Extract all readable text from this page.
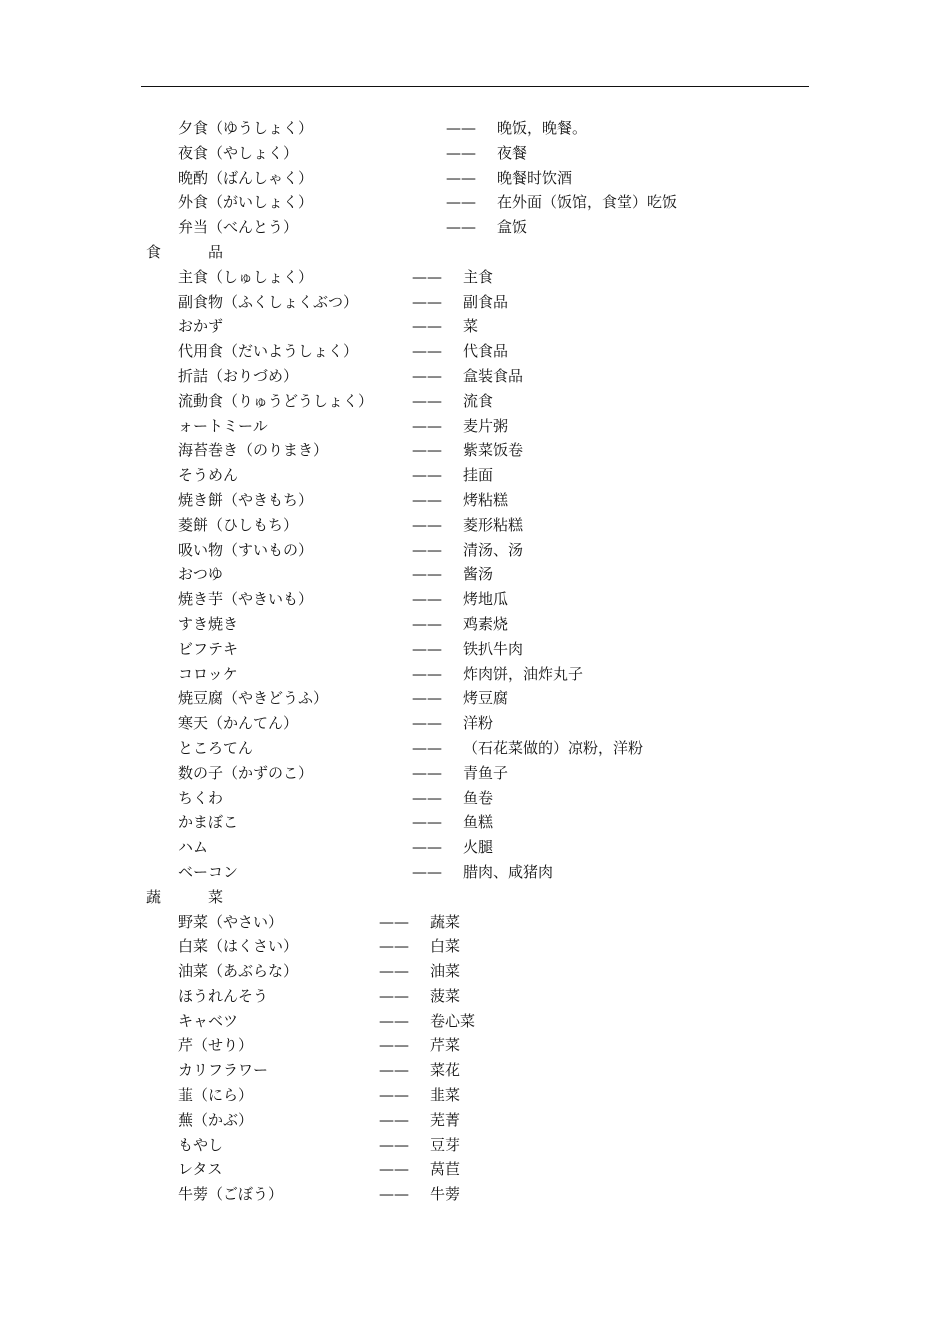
夕食（ゆうしょく）	—— 晚饭，晚餐。
夜食（やしょく）	—— 夜餐
晩酌（ばんしゃく）	—— 晚餐时饮酒
外食（がいしょく）	—— 在外面（饭馆，食堂）吃饭
弁当（べんとう）	—— 盒饭
食	品
主食（しゅしょく）	—— 主食
副食物（ふくしょくぶつ）	—— 副食品
おかず	—— 菜
代用食（だいようしょく）	—— 代食品
折詰（おりづめ）	—— 盒装食品
流動食（りゅうどうしょく）	—— 流食
ォートミール	—— 麦片粥
海苔巻き（のりまき）	—— 紫菜饭卷
そうめん	—— 挂面
焼き餅（やきもち）	—— 烤粘糕
菱餅（ひしもち）	—— 菱形粘糕
吸い物（すいもの）	—— 清汤、汤
おつゆ	—— 酱汤
焼き芋（やきいも）	—— 烤地瓜
すき焼き	—— 鸡素烧
ビフテキ	—— 铁扒牛肉
コロッケ	—— 炸肉饼，油炸丸子
焼豆腐（やきどうふ）	—— 烤豆腐
寒天（かんてん）	—— 洋粉
ところてん	—— （石花菜做的）凉粉，洋粉
数の子（かずのこ）	—— 青鱼子
ちくわ	—— 鱼卷
かまぼこ	—— 鱼糕
ハム	—— 火腿
ベーコン	—— 腊肉、咸猪肉
蔬	菜
野菜（やさい）	—— 蔬菜
白菜（はくさい）	—— 白菜
油菜（あぶらな）	—— 油菜
ほうれんそう	—— 菠菜
キャベツ	—— 卷心菜
芹（せり）	—— 芹菜
カリフラワー	—— 菜花
韮（にら）	—— 韭菜
蕪（かぶ）	—— 芜菁
もやし	—— 豆芽
レタス	—— 莴苣
牛蒡（ごぼう）	—— 牛蒡
